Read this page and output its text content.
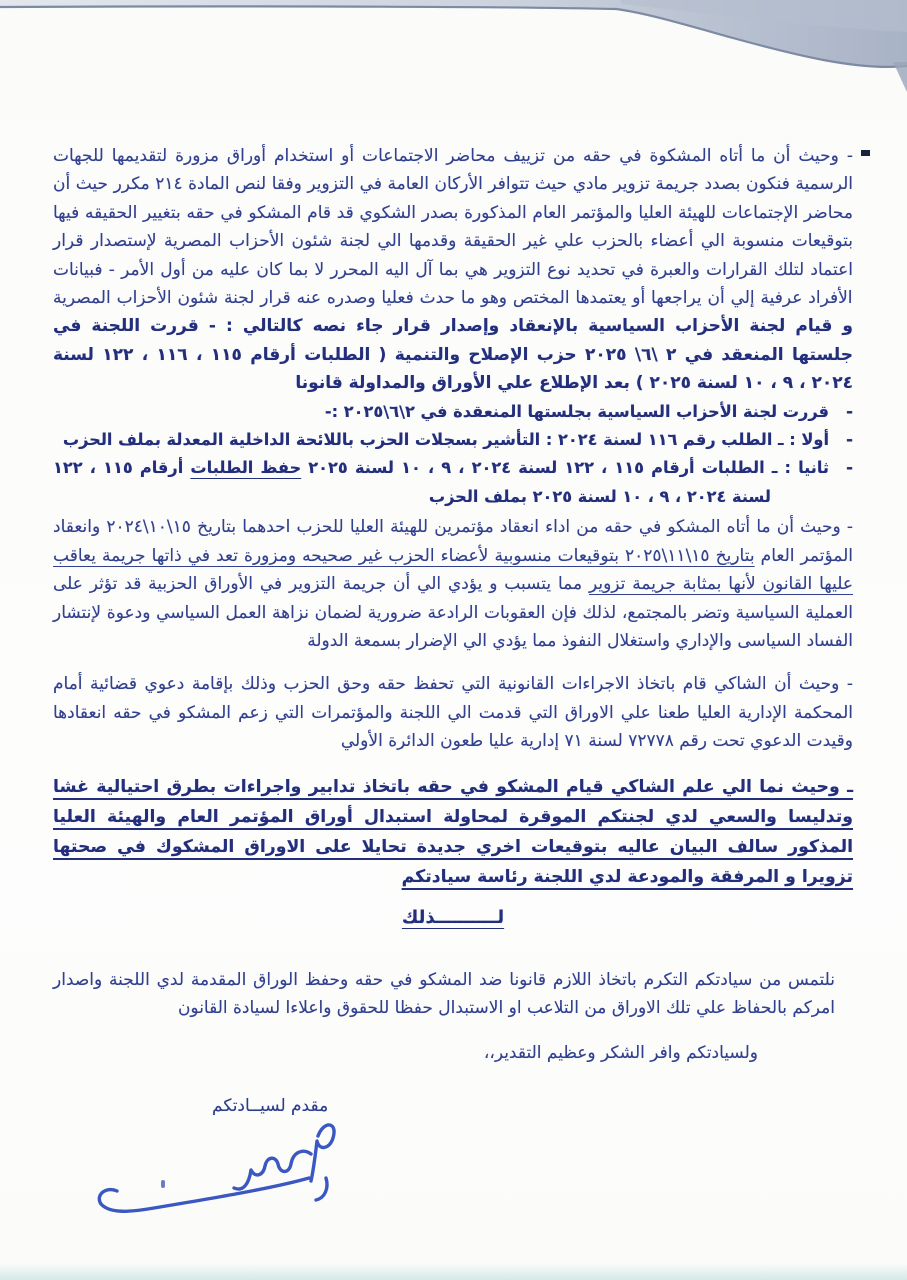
- وحيث أن ما أتاه المشكوة في حقه من تزييف محاضر الاجتماعات أو استخدام أوراق مزورة لتقديمها للجهات الرسمية فنكون بصدد جريمة تزوير مادي حيث تتوافر الأركان العامة في التزوير وفقا لنص المادة ٢١٤ مكرر حيث أن محاضر الإجتماعات للهيئة العليا والمؤتمر العام المذكورة بصدر الشكوي قد قام المشكو في حقه بتغيير الحقيقه فيها بتوقيعات منسوبة الي أعضاء بالحزب علي غير الحقيقة وقدمها الي لجنة شئون الأحزاب المصرية لإستصدار قرار اعتماد لتلك القرارات والعبرة في تحديد نوع التزوير هي بما آل اليه المحرر لا بما كان عليه من أول الأمر - فبيانات الأفراد عرفية إلي أن يراجعها أو يعتمدها المختص وهو ما حدث فعليا وصدره عنه قرار لجنة شئون الأحزاب المصرية و قيام لجنة الأحزاب السياسية بالإنعقاد وإصدار قرار جاء نصه كالتالي : - قررت اللجنة في جلستها المنعقد في ٢ \٦\ ٢٠٢٥ حزب الإصلاح والتنمية ( الطلبات أرقام ١١٥ ، ١١٦ ، ١٢٢ لسنة ٢٠٢٤ ، ٩ ، ١٠ لسنة ٢٠٢٥ ) بعد الإطلاع علي الأوراق والمداولة قانونا
-
قررت لجنة الأحزاب السياسية بجلستها المنعقدة في ٢\٦\٢٠٢٥ :-
-
أولا : ـ الطلب رقم ١١٦ لسنة ٢٠٢٤ : التأشير بسجلات الحزب باللائحة الداخلية المعدلة بملف الحزب
-
ثانيا : ـ الطلبات أرقام ١١٥ ، ١٢٢ لسنة ٢٠٢٤ ، ٩ ، ١٠ لسنة ٢٠٢٥ حفظ الطلبات أرقام ١١٥ ، ١٢٢ لسنة ٢٠٢٤ ، ٩ ، ١٠ لسنة ٢٠٢٥ بملف الحزب
- وحيث أن ما أتاه المشكو في حقه من اداء انعقاد مؤتمرين للهيئة العليا للحزب احدهما بتاريخ ١٥\١٠\٢٠٢٤ وانعقاد المؤتمر العام بتاريخ ١٥\١١\٢٠٢٥ بتوقيعات منسوبية لأعضاء الحزب غير صحيحه ومزورة تعد في ذاتها جريمة يعاقب عليها القانون لأنها بمثابة جريمة تزوير مما يتسبب و يؤدي الي أن جريمة التزوير في الأوراق الحزبية قد تؤثر على العملية السياسية وتضر بالمجتمع، لذلك فإن العقوبات الرادعة ضرورية لضمان نزاهة العمل السياسي ودعوة لإنتشار الفساد السياسى والإداري واستغلال النفوذ مما يؤدي الي الإضرار بسمعة الدولة
- وحيث أن الشاكي قام باتخاذ الاجراءات القانونية التي تحفظ حقه وحق الحزب وذلك بإقامة دعوي قضائية أمام المحكمة الإدارية العليا طعنا علي الاوراق التي قدمت الي اللجنة والمؤتمرات التي زعم المشكو في حقه انعقادها وقيدت الدعوي تحت رقم ٧٢٧٧٨ لسنة ٧١ إدارية عليا طعون الدائرة الأولي
ـ وحيث نما الي علم الشاكي قيام المشكو في حقه باتخاذ تدابير واجراءات بطرق احتيالية غشا وتدليسا والسعي لدي لجنتكم الموقرة لمحاولة استبدال أوراق المؤتمر العام والهيئة العليا المذكور سالف البيان عاليه بتوقيعات اخري جديدة تحايلا على الاوراق المشكوك في صحتها تزويرا و المرفقة والمودعة لدي اللجنة رئاسة سيادتكم
لــــــــــذلك
نلتمس من سيادتكم التكرم باتخاذ اللازم قانونا ضد المشكو في حقه وحفظ الوراق المقدمة لدي اللجنة واصدار امركم بالحفاظ علي تلك الاوراق من التلاعب او الاستبدال حفظا للحقوق واعلاءا لسيادة القانون
ولسيادتكم وافر الشكر وعظيم التقدير،،
مقدم لسيــادتكم
